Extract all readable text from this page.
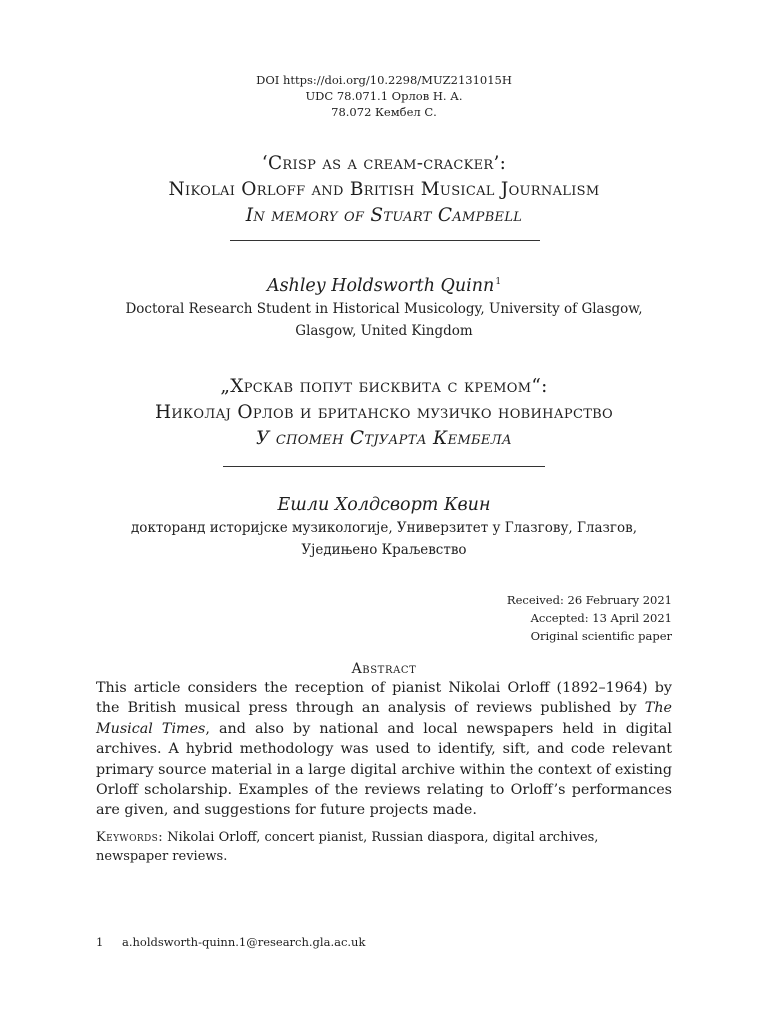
DOI https://doi.org/10.2298/MUZ2131015H
UDC 78.071.1 Орлов Н. А.
78.072 Кембел С.
‘Crisp as a cream-cracker’:
Nikolai Orloff and British Musical Journalism
In memory of Stuart Campbell
Ashley Holdsworth Quinn$^1$
Doctoral Research Student in Historical Musicology, University of Glasgow,
Glasgow, United Kingdom
„Хрскав попут бисквита с кремом“:
Николај Орлов и британско музичко новинарство
У спомен Стјуарта Кембела
Ешли Холдсворт Квин
докторанд историјске музикологије, Универзитет у Глазгову, Глазгов,
Уједињено Краљевство
Received: 26 February 2021
Accepted: 13 April 2021
Original scientific paper
Abstract
This article considers the reception of pianist Nikolai Orloff (1892–1964) by the British musical press through an analysis of reviews published by The Musical Times, and also by national and local newspapers held in digital archives. A hybrid methodology was used to identify, sift, and code relevant primary source material in a large digital archive within the context of existing Orloff scholarship. Examples of the reviews relating to Orloff’s performances are given, and suggestions for future projects made.
Keywords: Nikolai Orloff, concert pianist, Russian diaspora, digital archives, newspaper reviews.
1 a.holdsworth-quinn.1@research.gla.ac.uk
